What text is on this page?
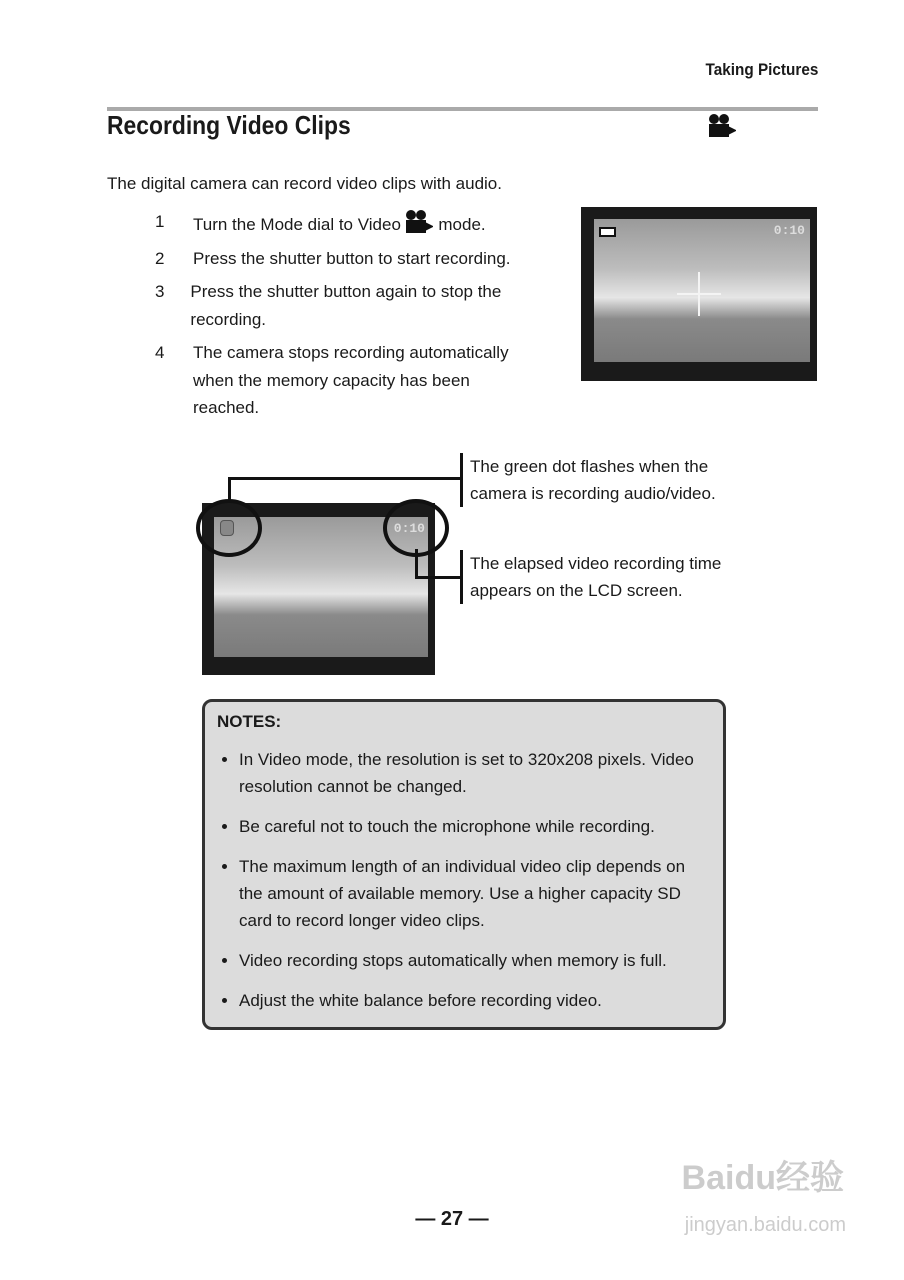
Taking Pictures
Recording Video Clips
The digital camera can record video clips with audio.
1	Turn the Mode dial to Video mode.
2	Press the shutter button to start recording.
3	Press the shutter button again to stop the recording.
4	The camera stops recording automatically when the memory capacity has been reached.
0:10
0:10
The green dot flashes when the camera is recording audio/video.
The elapsed video recording time appears on the LCD screen.
NOTES:
• In Video mode, the resolution is set to 320x208 pixels. Video resolution cannot be changed.
• Be careful not to touch the microphone while recording.
• The maximum length of an individual video clip depends on the amount of available memory. Use a higher capacity SD card to record longer video clips.
• Video recording stops automatically when memory is full.
• Adjust the white balance before recording video.
Baidu经验
jingyan.baidu.com
— 27 —
